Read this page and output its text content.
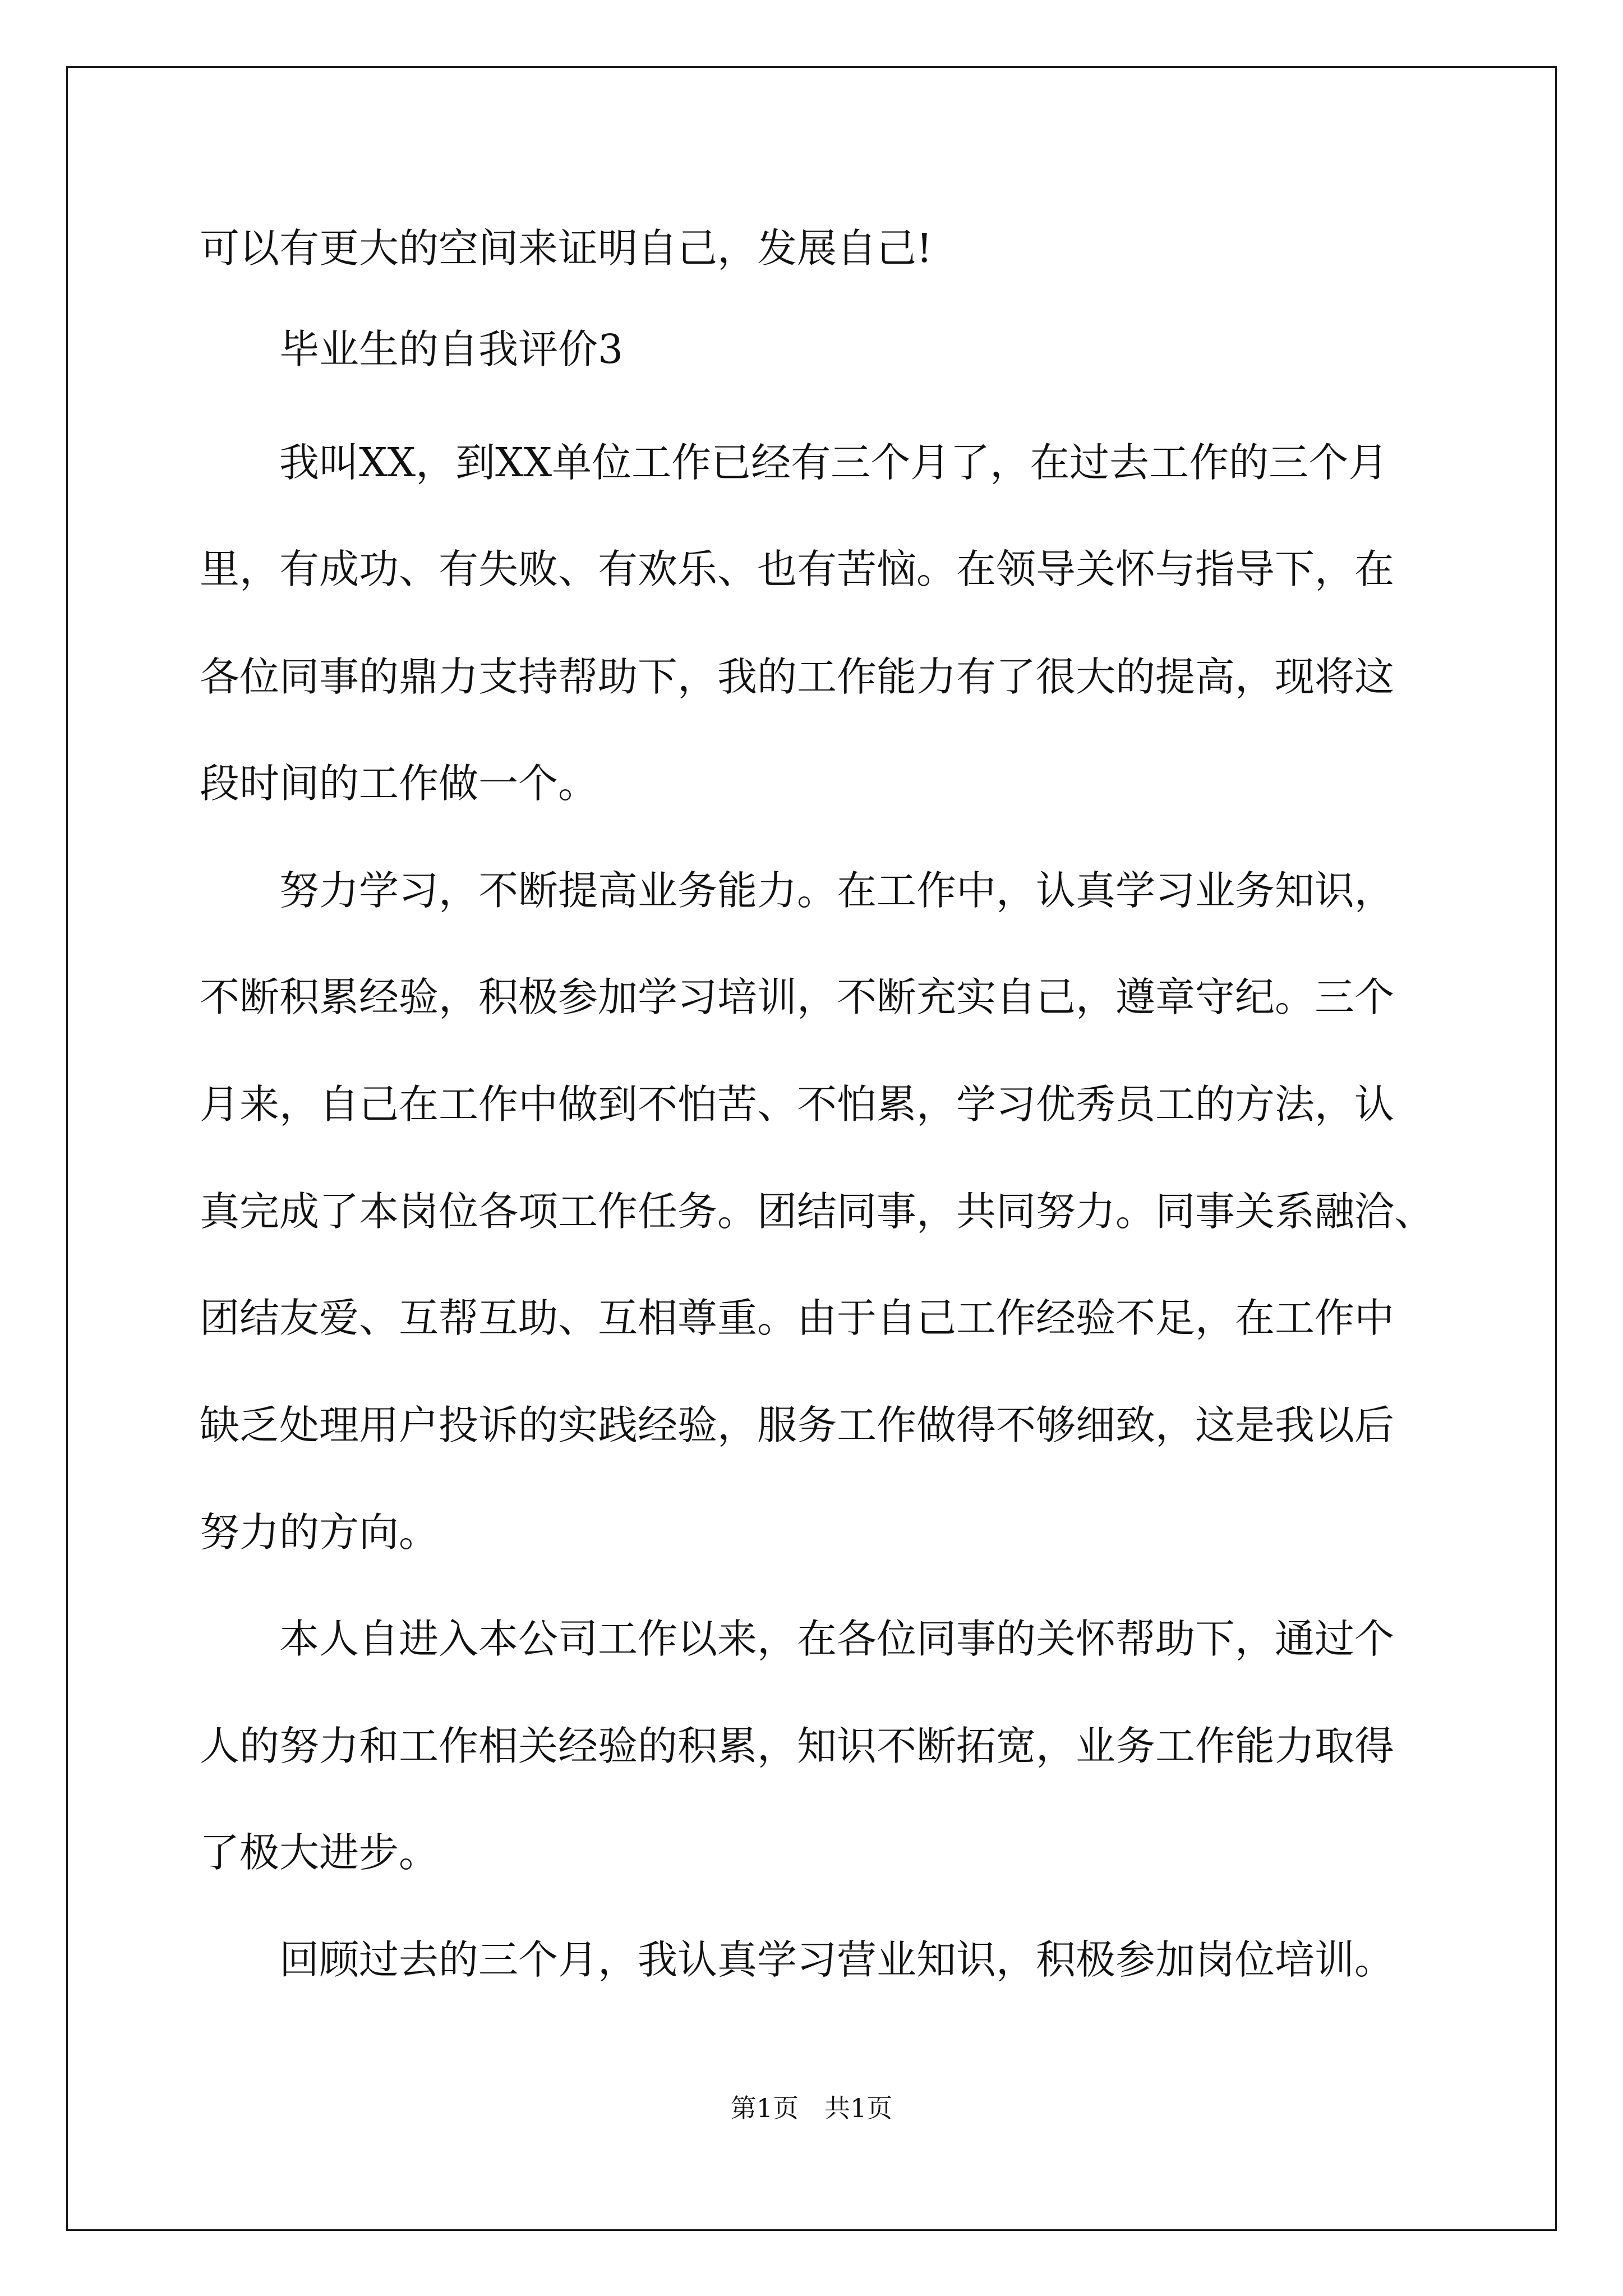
可以有更大的空间来证明自己，发展自己!

　　毕业生的自我评价3

　　我叫XX，到XX单位工作已经有三个月了，在过去工作的三个月

里，有成功、有失败、有欢乐、也有苦恼。在领导关怀与指导下，在

各位同事的鼎力支持帮助下，我的工作能力有了很大的提高，现将这

段时间的工作做一个。

　　努力学习，不断提高业务能力。在工作中，认真学习业务知识，

不断积累经验，积极参加学习培训，不断充实自己，遵章守纪。三个

月来，自己在工作中做到不怕苦、不怕累，学习优秀员工的方法，认

真完成了本岗位各项工作任务。团结同事，共同努力。同事关系融洽、

团结友爱、互帮互助、互相尊重。由于自己工作经验不足，在工作中

缺乏处理用户投诉的实践经验，服务工作做得不够细致，这是我以后

努力的方向。

　　本人自进入本公司工作以来，在各位同事的关怀帮助下，通过个

人的努力和工作相关经验的积累，知识不断拓宽，业务工作能力取得

了极大进步。

　　回顾过去的三个月，我认真学习营业知识，积极参加岗位培训。

第1页　共1页
